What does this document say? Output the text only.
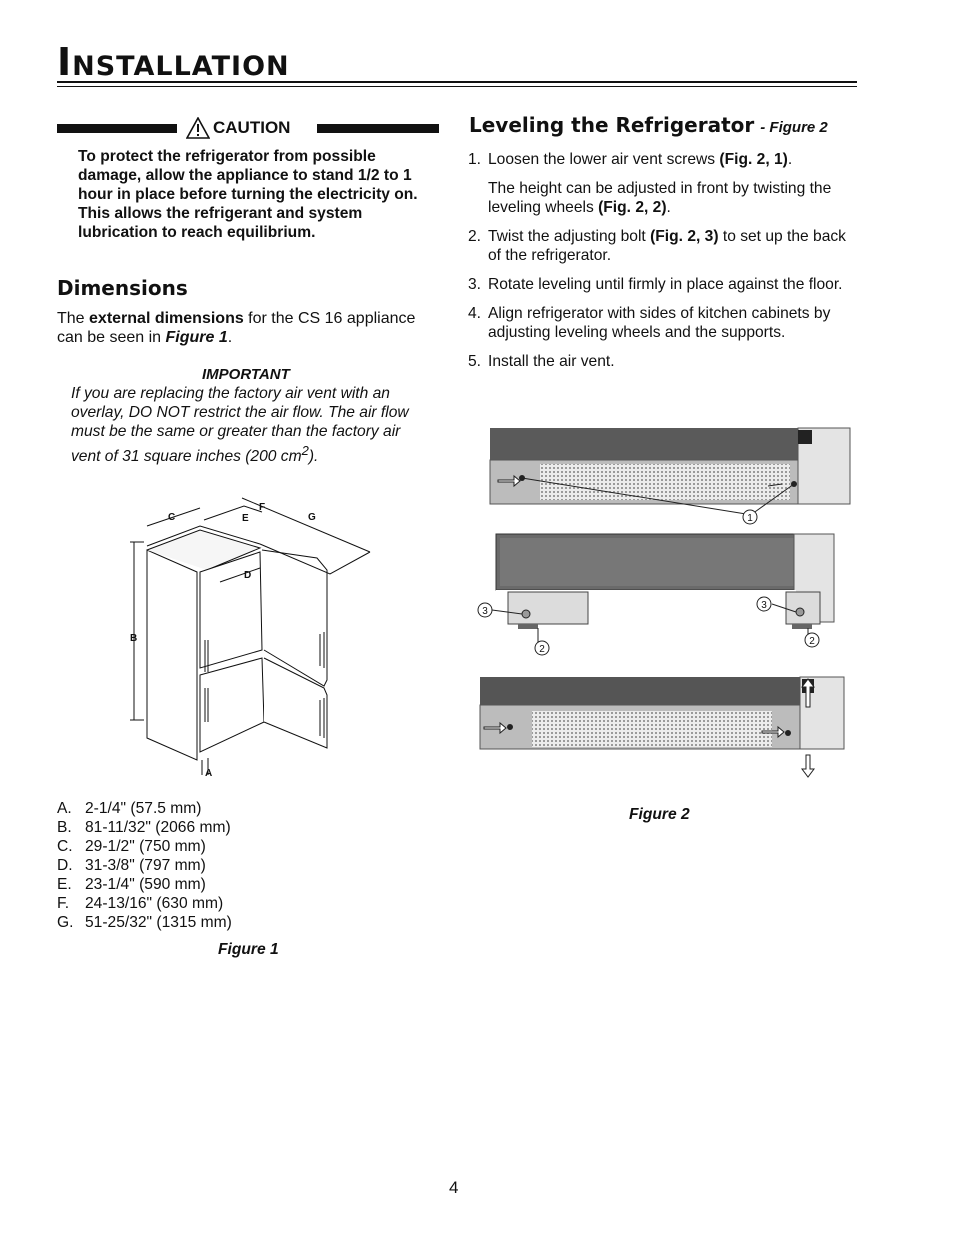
Installation
CAUTION
To protect the refrigerator from possible damage, allow the appliance to stand 1/2 to 1 hour in place before turning the electricity on. This allows the refrigerant and system lubrication to reach equilibrium.
Dimensions
The external dimensions for the CS 16 appliance can be seen in Figure 1.
IMPORTANT
If you are replacing the factory air vent with an overlay, DO NOT restrict the air flow. The air flow must be the same or greater than the factory air vent of 31 square inches (200 $cm^2$).
C	E
F
G
D
B
A
A. 2-1/4" (57.5 mm)
B. 81-11/32" (2066 mm)
C. 29-1/2" (750 mm)
D. 31-3/8" (797 mm)
E. 23-1/4" (590 mm)
F.	24-13/16" (630 mm)
G. 51-25/32" (1315 mm)
Figure 1
Leveling the Refrigerator - Figure 2
1. Loosen the lower air vent screws (Fig. 2, 1).

The height can be adjusted in front by twisting the leveling wheels (Fig. 2, 2).

2. Twist the adjusting bolt (Fig. 2, 3) to set up the back of the refrigerator.

3. Rotate leveling until firmly in place against the floor.

4. Align refrigerator with sides of kitchen cabinets by adjusting leveling wheels and the supports.

5. Install the air vent.

1
3
2
3
2
Figure 2
4
